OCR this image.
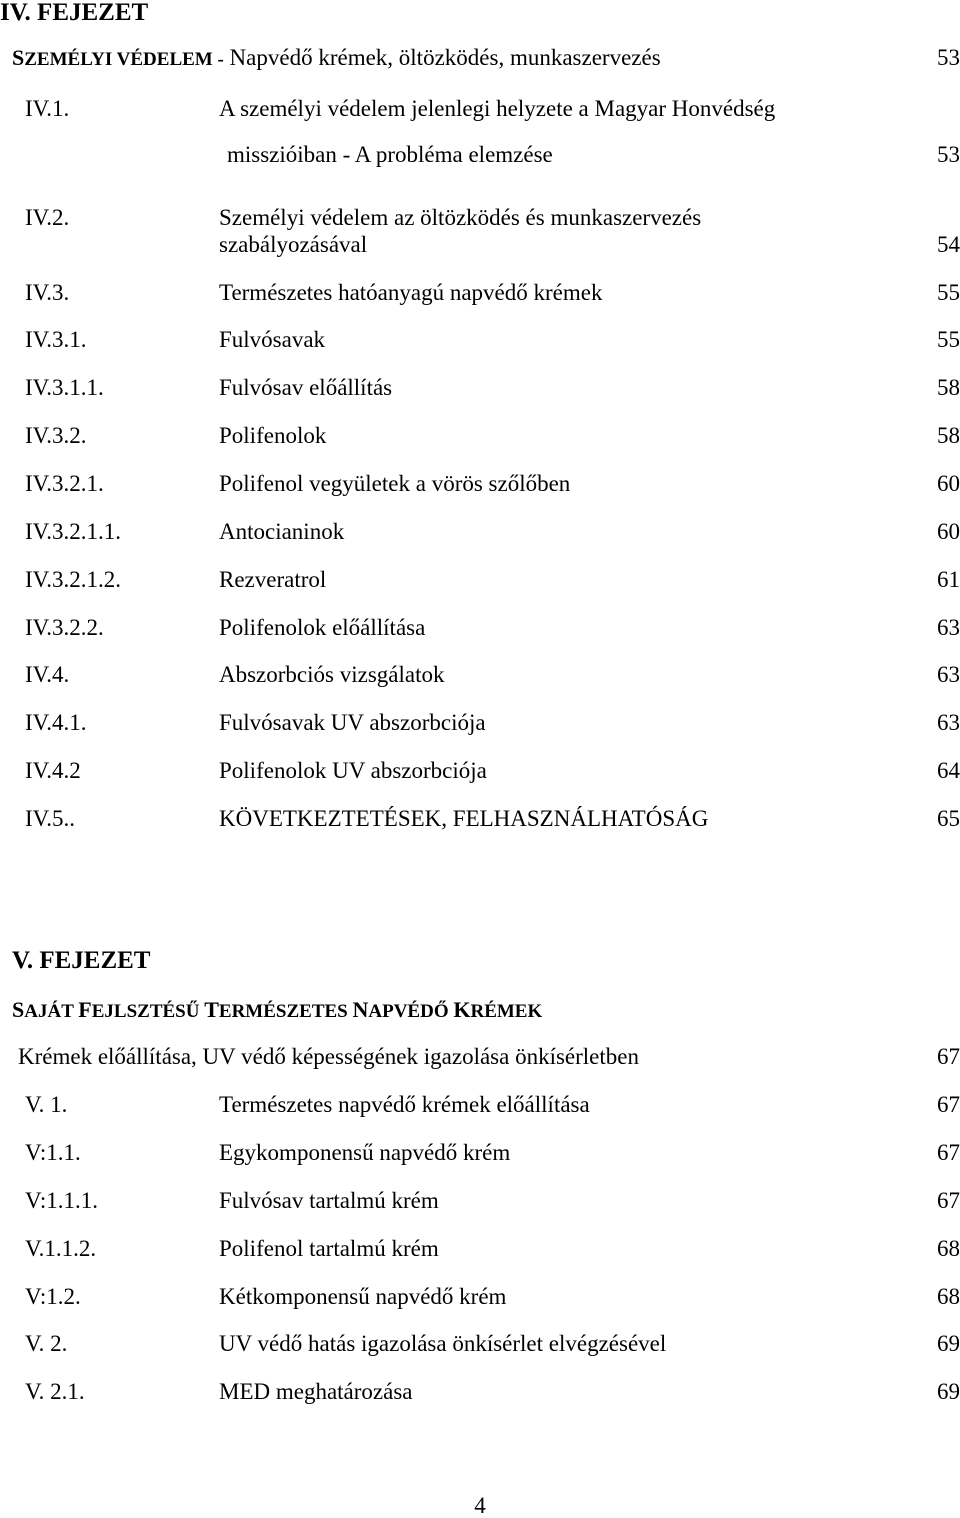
IV. FEJEZET
SZEMÉLYI VÉDELEM - Napvédő krémek, öltözködés, munkaszervezés	53
IV.1.	A személyi védelem jelenlegi helyzete a Magyar Honvédség
misszióiban - A probléma elemzése	53
IV.2.	Személyi védelem az öltözködés és munkaszervezés
szabályozásával	54
IV.3.	Természetes hatóanyagú napvédő krémek	55
IV.3.1.	Fulvósavak	55
IV.3.1.1.	Fulvósav előállítás	58
IV.3.2.	Polifenolok	58
IV.3.2.1.	Polifenol vegyületek a vörös szőlőben	60
IV.3.2.1.1.	Antocianinok	60
IV.3.2.1.2.	Rezveratrol	61
IV.3.2.2.	Polifenolok előállítása	63
IV.4.	Abszorbciós vizsgálatok	63
IV.4.1.	Fulvósavak UV abszorbciója	63
IV.4.2	Polifenolok UV abszorbciója	64
IV.5..	KÖVETKEZTETÉSEK, FELHASZNÁLHATÓSÁG	65
V. FEJEZET
SAJÁT FEJLSZTÉSŰ TERMÉSZETES NAPVÉDŐ KRÉMEK
Krémek előállítása, UV védő képességének igazolása önkísérletben	67
V. 1.	Természetes napvédő krémek előállítása	67
V:1.1.	Egykomponensű napvédő krém	67
V:1.1.1.	Fulvósav tartalmú krém	67
V.1.1.2.	Polifenol tartalmú krém	68
V:1.2.	Kétkomponensű napvédő krém	68
V. 2.	UV védő hatás igazolása önkísérlet elvégzésével	69
V. 2.1.	MED meghatározása	69
4
